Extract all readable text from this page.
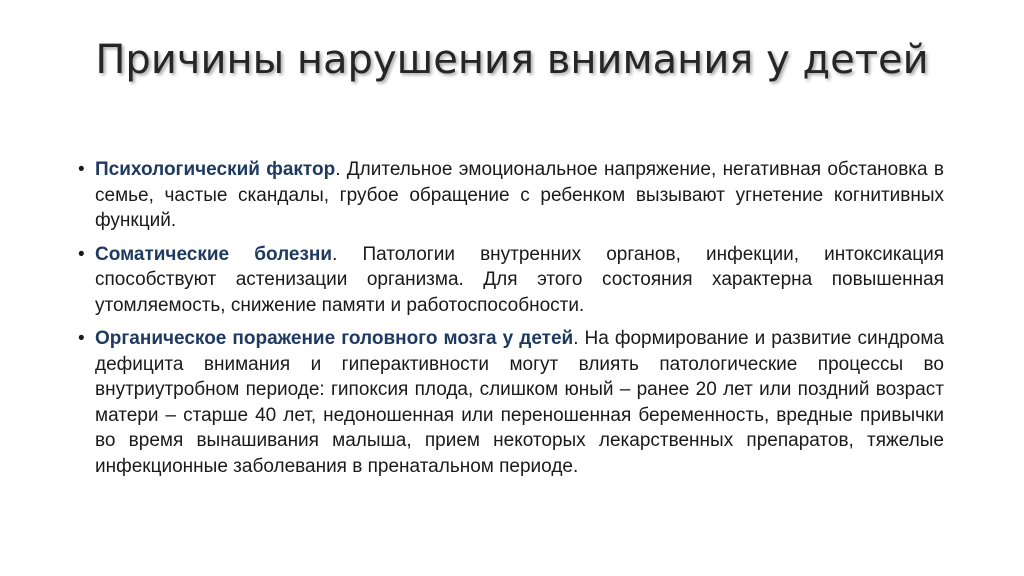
Причины нарушения внимания у детей
• Психологический фактор. Длительное эмоциональное напряжение, негативная обстановка в семье, частые скандалы, грубое обращение с ребенком вызывают угнетение когнитивных функций.
• Соматические болезни. Патологии внутренних органов, инфекции, интоксикация способствуют астенизации организма. Для этого состояния характерна повышенная утомляемость, снижение памяти и работоспособности.
• Органическое поражение головного мозга у детей. На формирование и развитие синдрома дефицита внимания и гиперактивности могут влиять патологические процессы во внутриутробном периоде: гипоксия плода, слишком юный – ранее 20 лет или поздний возраст матери – старше 40 лет, недоношенная или переношенная беременность, вредные привычки во время вынашивания малыша, прием некоторых лекарственных препаратов, тяжелые инфекционные заболевания в пренатальном периоде.
